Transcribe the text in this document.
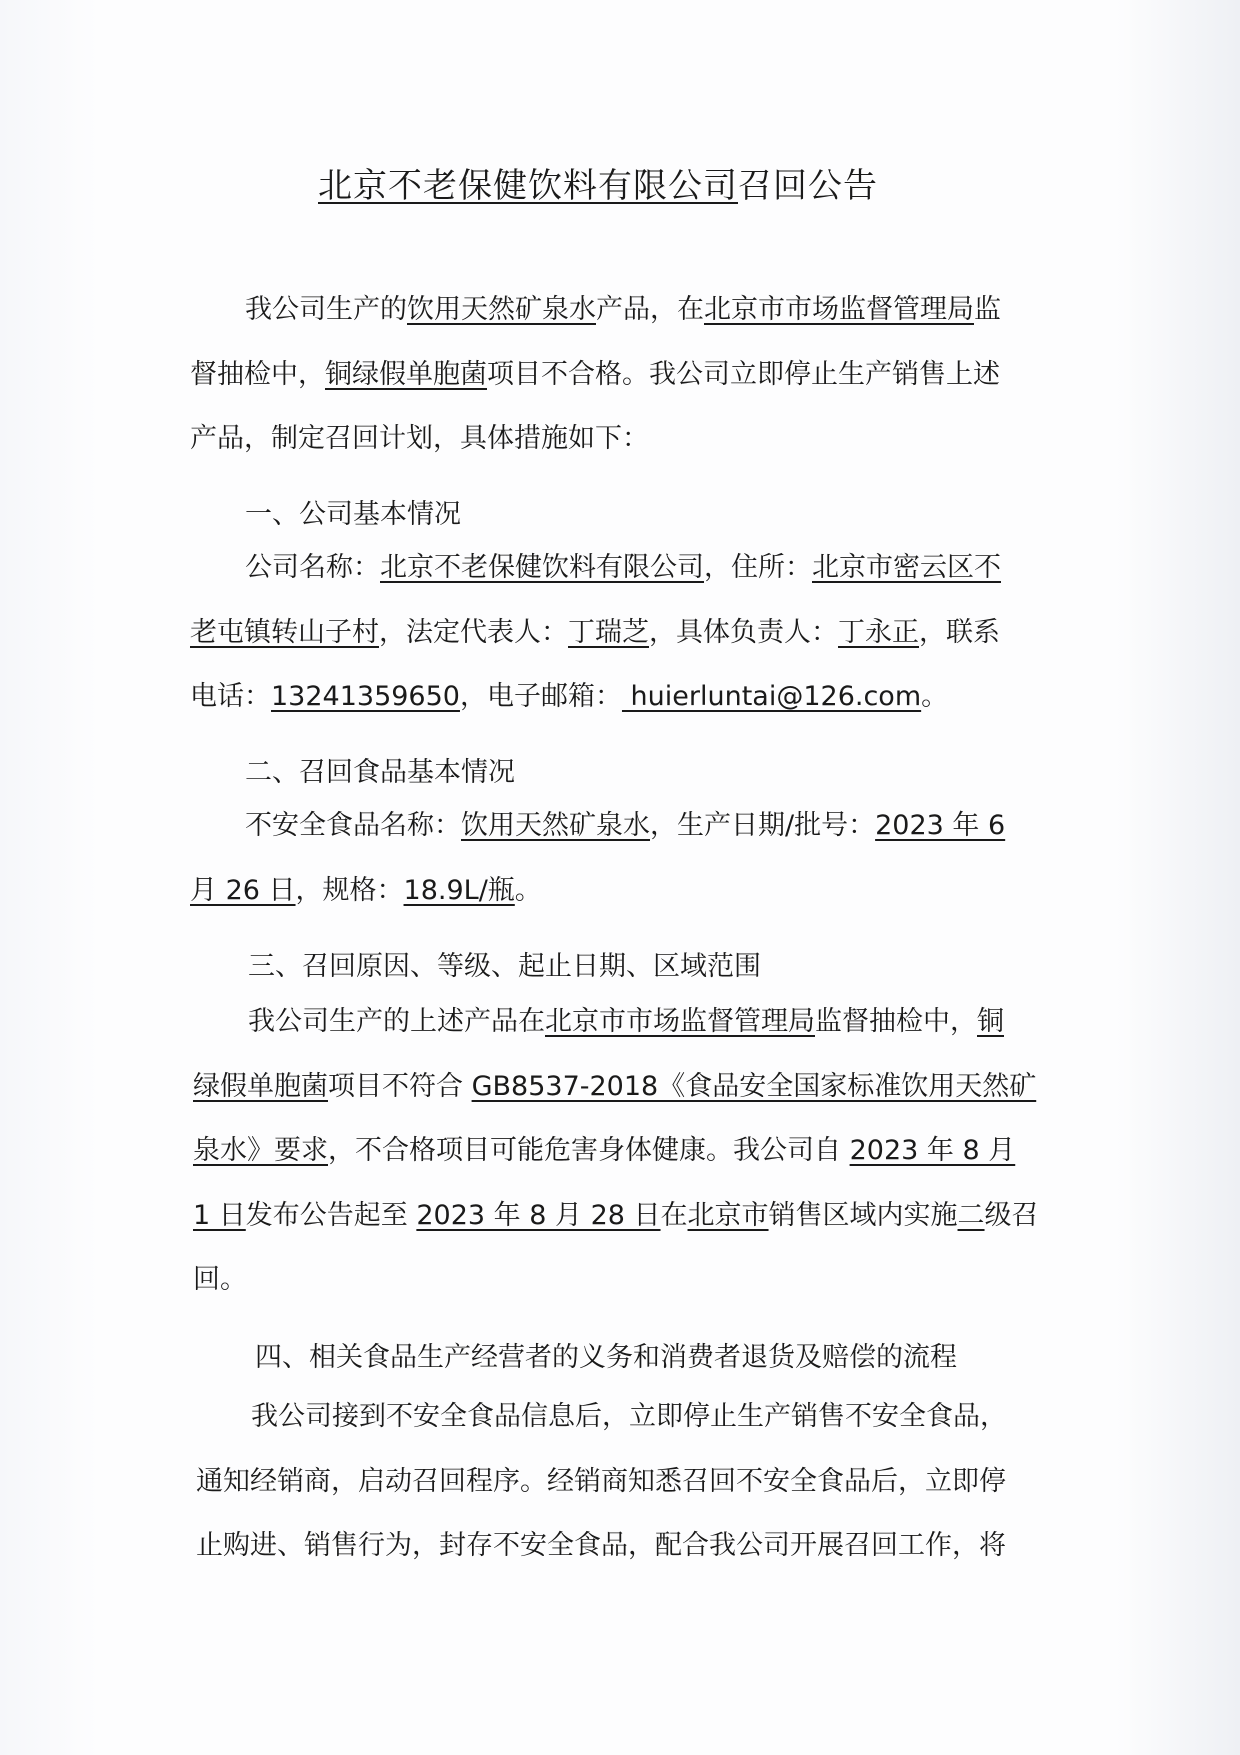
北京不老保健饮料有限公司召回公告
我公司生产的饮用天然矿泉水产品，在北京市市场监督管理局监
督抽检中，铜绿假单胞菌项目不合格。我公司立即停止生产销售上述
产品，制定召回计划，具体措施如下：
一、公司基本情况
公司名称：北京不老保健饮料有限公司，住所：北京市密云区不
老屯镇转山子村，法定代表人：丁瑞芝，具体负责人：丁永正，联系
电话：13241359650，电子邮箱： huierluntai@126.com。
二、召回食品基本情况
不安全食品名称：饮用天然矿泉水，生产日期/批号：2023 年 6
月 26 日，规格：18.9L/瓶。
三、召回原因、等级、起止日期、区域范围
我公司生产的上述产品在北京市市场监督管理局监督抽检中，铜
绿假单胞菌项目不符合 GB8537-2018《食品安全国家标准饮用天然矿
泉水》要求，不合格项目可能危害身体健康。我公司自 2023 年 8 月
1 日发布公告起至 2023 年 8 月 28 日在北京市销售区域内实施二级召
回。
四、相关食品生产经营者的义务和消费者退货及赔偿的流程
我公司接到不安全食品信息后，立即停止生产销售不安全食品，
通知经销商，启动召回程序。经销商知悉召回不安全食品后，立即停
止购进、销售行为，封存不安全食品，配合我公司开展召回工作，将
